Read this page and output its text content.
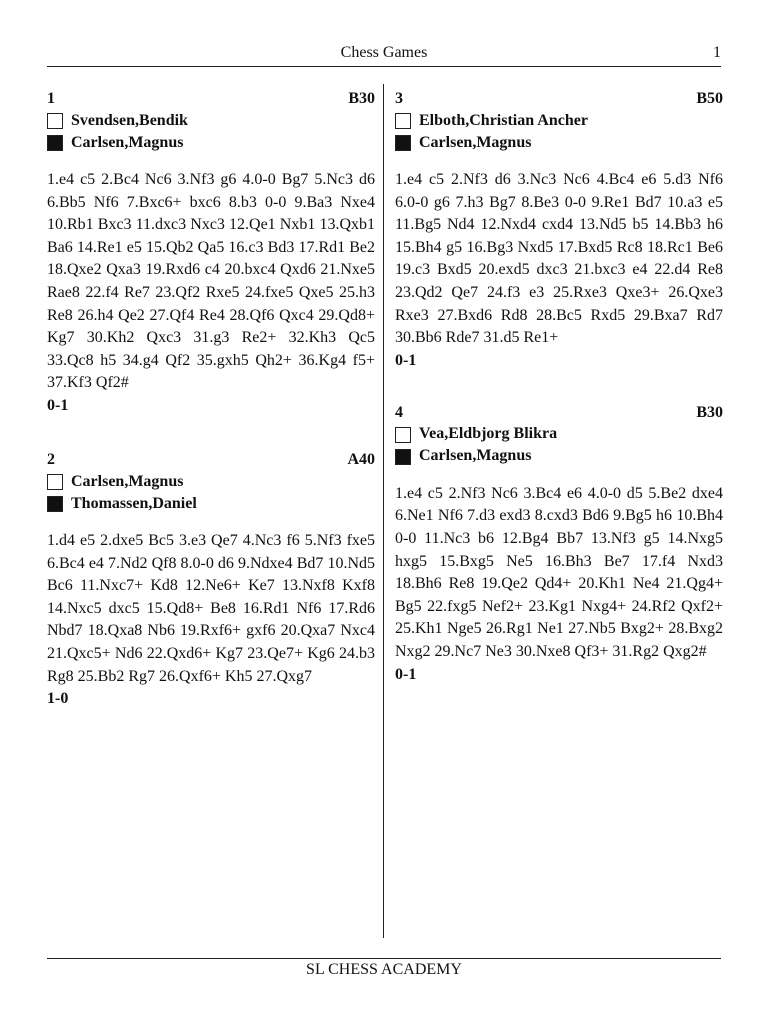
Chess Games	1
1	B30
Svendsen,Bendik
Carlsen,Magnus
1.e4 c5 2.Bc4 Nc6 3.Nf3 g6 4.0-0 Bg7 5.Nc3 d6 6.Bb5 Nf6 7.Bxc6+ bxc6 8.b3 0-0 9.Ba3 Nxe4 10.Rb1 Bxc3 11.dxc3 Nxc3 12.Qe1 Nxb1 13.Qxb1 Ba6 14.Re1 e5 15.Qb2 Qa5 16.c3 Bd3 17.Rd1 Be2 18.Qxe2 Qxa3 19.Rxd6 c4 20.bxc4 Qxd6 21.Nxe5 Rae8 22.f4 Re7 23.Qf2 Rxe5 24.fxe5 Qxe5 25.h3 Re8 26.h4 Qe2 27.Qf4 Re4 28.Qf6 Qxc4 29.Qd8+ Kg7 30.Kh2 Qxc3 31.g3 Re2+ 32.Kh3 Qc5 33.Qc8 h5 34.g4 Qf2 35.gxh5 Qh2+ 36.Kg4 f5+ 37.Kf3 Qf2#
0-1
2	A40
Carlsen,Magnus
Thomassen,Daniel
1.d4 e5 2.dxe5 Bc5 3.e3 Qe7 4.Nc3 f6 5.Nf3 fxe5 6.Bc4 e4 7.Nd2 Qf8 8.0-0 d6 9.Ndxe4 Bd7 10.Nd5 Bc6 11.Nxc7+ Kd8 12.Ne6+ Ke7 13.Nxf8 Kxf8 14.Nxc5 dxc5 15.Qd8+ Be8 16.Rd1 Nf6 17.Rd6 Nbd7 18.Qxa8 Nb6 19.Rxf6+ gxf6 20.Qxa7 Nxc4 21.Qxc5+ Nd6 22.Qxd6+ Kg7 23.Qe7+ Kg6 24.b3 Rg8 25.Bb2 Rg7 26.Qxf6+ Kh5 27.Qxg7
1-0
3	B50
Elboth,Christian Ancher
Carlsen,Magnus
1.e4 c5 2.Nf3 d6 3.Nc3 Nc6 4.Bc4 e6 5.d3 Nf6 6.0-0 g6 7.h3 Bg7 8.Be3 0-0 9.Re1 Bd7 10.a3 e5 11.Bg5 Nd4 12.Nxd4 cxd4 13.Nd5 b5 14.Bb3 h6 15.Bh4 g5 16.Bg3 Nxd5 17.Bxd5 Rc8 18.Rc1 Be6 19.c3 Bxd5 20.exd5 dxc3 21.bxc3 e4 22.d4 Re8 23.Qd2 Qe7 24.f3 e3 25.Rxe3 Qxe3+ 26.Qxe3 Rxe3 27.Bxd6 Rd8 28.Bc5 Rxd5 29.Bxa7 Rd7 30.Bb6 Rde7 31.d5 Re1+
0-1
4	B30
Vea,Eldbjorg Blikra
Carlsen,Magnus
1.e4 c5 2.Nf3 Nc6 3.Bc4 e6 4.0-0 d5 5.Be2 dxe4 6.Ne1 Nf6 7.d3 exd3 8.cxd3 Bd6 9.Bg5 h6 10.Bh4 0-0 11.Nc3 b6 12.Bg4 Bb7 13.Nf3 g5 14.Nxg5 hxg5 15.Bxg5 Ne5 16.Bh3 Be7 17.f4 Nxd3 18.Bh6 Re8 19.Qe2 Qd4+ 20.Kh1 Ne4 21.Qg4+ Bg5 22.fxg5 Nef2+ 23.Kg1 Nxg4+ 24.Rf2 Qxf2+ 25.Kh1 Nge5 26.Rg1 Ne1 27.Nb5 Bxg2+ 28.Bxg2 Nxg2 29.Nc7 Ne3 30.Nxe8 Qf3+ 31.Rg2 Qxg2#
0-1
SL CHESS ACADEMY
